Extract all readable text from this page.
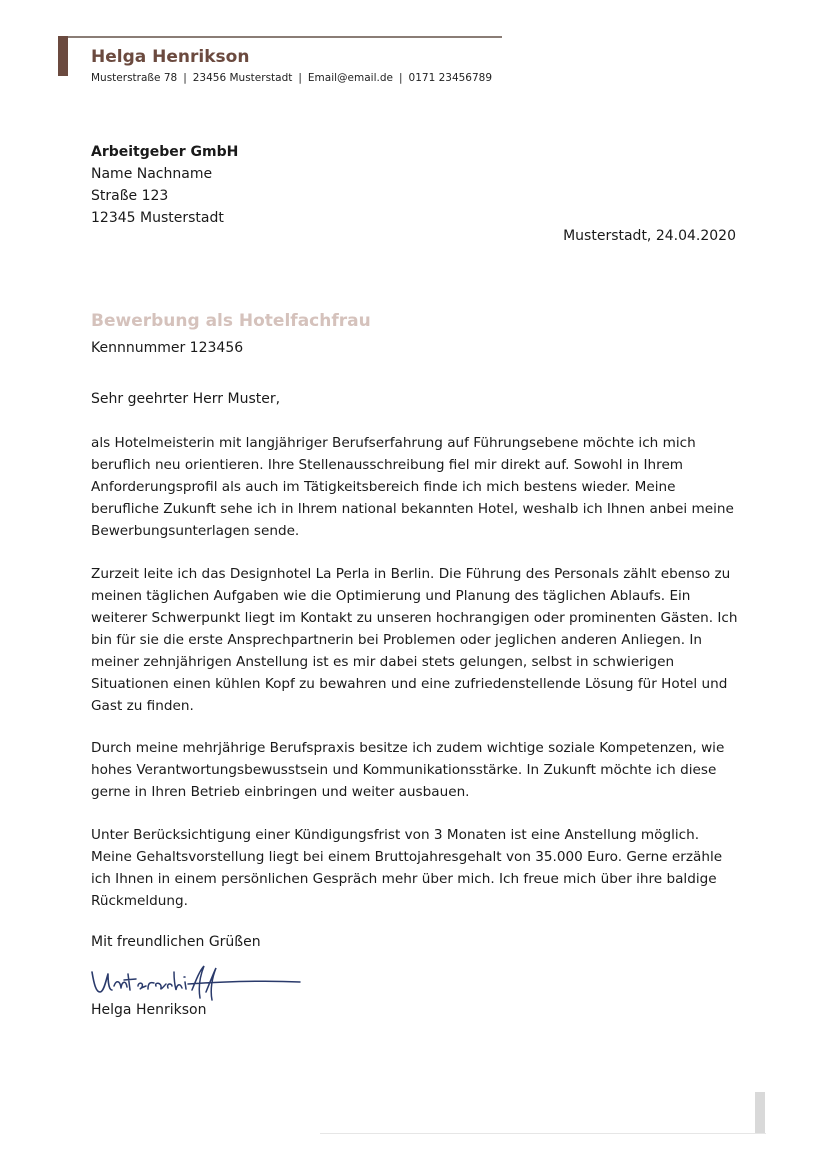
Helga Henrikson
Musterstraße 78 | 23456 Musterstadt | Email@email.de | 0171 23456789
Arbeitgeber GmbH
Name Nachname
Straße 123
12345 Musterstadt
Musterstadt, 24.04.2020
Bewerbung als Hotelfachfrau
Kennnummer 123456
Sehr geehrter Herr Muster,
als Hotelmeisterin mit langjähriger Berufserfahrung auf Führungsebene möchte ich mich beruflich neu orientieren. Ihre Stellenausschreibung fiel mir direkt auf. Sowohl in Ihrem Anforderungsprofil als auch im Tätigkeitsbereich finde ich mich bestens wieder. Meine berufliche Zukunft sehe ich in Ihrem national bekannten Hotel, weshalb ich Ihnen anbei meine Bewerbungsunterlagen sende.
Zurzeit leite ich das Designhotel La Perla in Berlin. Die Führung des Personals zählt ebenso zu meinen täglichen Aufgaben wie die Optimierung und Planung des täglichen Ablaufs. Ein weiterer Schwerpunkt liegt im Kontakt zu unseren hochrangigen oder prominenten Gästen. Ich bin für sie die erste Ansprechpartnerin bei Problemen oder jeglichen anderen Anliegen. In meiner zehnjährigen Anstellung ist es mir dabei stets gelungen, selbst in schwierigen Situationen einen kühlen Kopf zu bewahren und eine zufriedenstellende Lösung für Hotel und Gast zu finden.
Durch meine mehrjährige Berufspraxis besitze ich zudem wichtige soziale Kompetenzen, wie hohes Verantwortungsbewusstsein und Kommunikationsstärke. In Zukunft möchte ich diese gerne in Ihren Betrieb einbringen und weiter ausbauen.
Unter Berücksichtigung einer Kündigungsfrist von 3 Monaten ist eine Anstellung möglich. Meine Gehaltsvorstellung liegt bei einem Bruttojahresgehalt von 35.000 Euro. Gerne erzähle ich Ihnen in einem persönlichen Gespräch mehr über mich. Ich freue mich über ihre baldige Rückmeldung.
Mit freundlichen Grüßen
Helga Henrikson
